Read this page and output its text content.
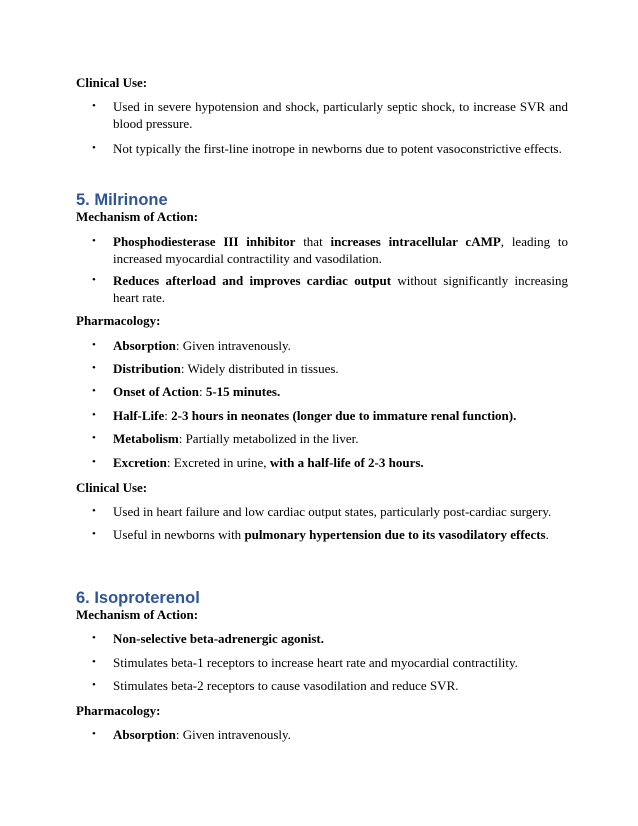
Clinical Use:
• Used in severe hypotension and shock, particularly septic shock, to increase SVR and blood pressure.
• Not typically the first-line inotrope in newborns due to potent vasoconstrictive effects.
5. Milrinone
Mechanism of Action:
• Phosphodiesterase III inhibitor that increases intracellular cAMP, leading to increased myocardial contractility and vasodilation.
• Reduces afterload and improves cardiac output without significantly increasing heart rate.
Pharmacology:
• Absorption: Given intravenously.
• Distribution: Widely distributed in tissues.
• Onset of Action: 5-15 minutes.
• Half-Life: 2-3 hours in neonates (longer due to immature renal function).
• Metabolism: Partially metabolized in the liver.
• Excretion: Excreted in urine, with a half-life of 2-3 hours.
Clinical Use:
• Used in heart failure and low cardiac output states, particularly post-cardiac surgery.
• Useful in newborns with pulmonary hypertension due to its vasodilatory effects.
6. Isoproterenol
Mechanism of Action:
• Non-selective beta-adrenergic agonist.
• Stimulates beta-1 receptors to increase heart rate and myocardial contractility.
• Stimulates beta-2 receptors to cause vasodilation and reduce SVR.
Pharmacology:
• Absorption: Given intravenously.
